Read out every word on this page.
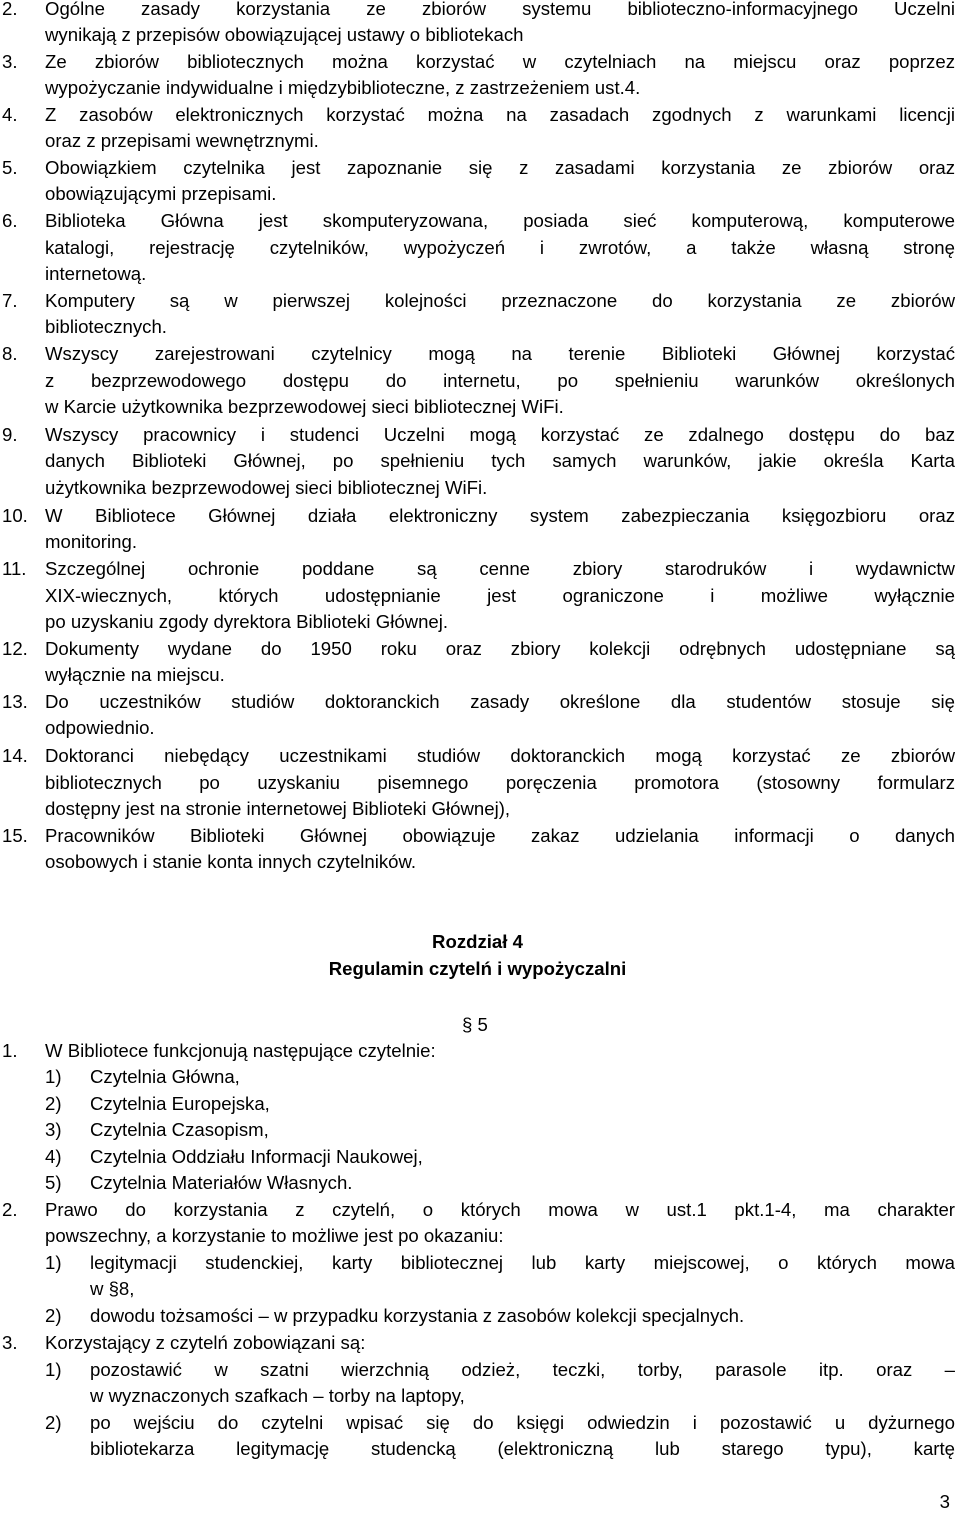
2. Ogólne zasady korzystania ze zbiorów systemu biblioteczno-informacyjnego Uczelni
wynikają z przepisów obowiązującej ustawy o bibliotekach
3. Ze zbiorów bibliotecznych można korzystać w czytelniach na miejscu oraz poprzez
wypożyczanie indywidualne i międzybiblioteczne, z zastrzeżeniem ust.4.
4. Z zasobów elektronicznych korzystać można na zasadach zgodnych z warunkami licencji
oraz z przepisami wewnętrznymi.
5. Obowiązkiem czytelnika jest zapoznanie się z zasadami korzystania ze zbiorów oraz
obowiązującymi przepisami.
6. Biblioteka Główna jest skomputeryzowana, posiada sieć komputerową, komputerowe
katalogi, rejestrację czytelników, wypożyczeń i zwrotów, a także własną stronę
internetową.
7. Komputery są w pierwszej kolejności przeznaczone do korzystania ze zbiorów
bibliotecznych.
8. Wszyscy zarejestrowani czytelnicy mogą na terenie Biblioteki Głównej korzystać
z bezprzewodowego dostępu do internetu, po spełnieniu warunków określonych
w Karcie użytkownika bezprzewodowej sieci bibliotecznej WiFi.
9. Wszyscy pracownicy i studenci Uczelni mogą korzystać ze zdalnego dostępu do baz
danych Biblioteki Głównej, po spełnieniu tych samych warunków, jakie określa Karta
użytkownika bezprzewodowej sieci bibliotecznej WiFi.
10. W Bibliotece Głównej działa elektroniczny system zabezpieczania księgozbioru oraz
monitoring.
11. Szczególnej ochronie poddane są cenne zbiory starodruków i wydawnictw
XIX-wiecznych, których udostępnianie jest ograniczone i możliwe wyłącznie
po uzyskaniu zgody dyrektora Biblioteki Głównej.
12. Dokumenty wydane do 1950 roku oraz zbiory kolekcji odrębnych udostępniane są
wyłącznie na miejscu.
13. Do uczestników studiów doktoranckich zasady określone dla studentów stosuje się
odpowiednio.
14. Doktoranci niebędący uczestnikami studiów doktoranckich mogą korzystać ze zbiorów
bibliotecznych po uzyskaniu pisemnego poręczenia promotora (stosowny formularz
dostępny jest na stronie internetowej Biblioteki Głównej),
15. Pracowników Biblioteki Głównej obowiązuje zakaz udzielania informacji o danych
osobowych i stanie konta innych czytelników.
Rozdział 4
Regulamin czytelń i wypożyczalni
§ 5
1. W Bibliotece funkcjonują następujące czytelnie:
1) Czytelnia Główna,
2) Czytelnia Europejska,
3) Czytelnia Czasopism,
4) Czytelnia Oddziału Informacji Naukowej,
5) Czytelnia Materiałów Własnych.
2. Prawo do korzystania z czytelń, o których mowa w ust.1 pkt.1-4, ma charakter
powszechny, a korzystanie to możliwe jest po okazaniu:
1) legitymacji studenckiej, karty bibliotecznej lub karty miejscowej, o których mowa
w §8,
2) dowodu tożsamości – w przypadku korzystania z zasobów kolekcji specjalnych.
3. Korzystający z czytelń zobowiązani są:
1) pozostawić w szatni wierzchnią odzież, teczki, torby, parasole itp. oraz –
w wyznaczonych szafkach – torby na laptopy,
2) po wejściu do czytelni wpisać się do księgi odwiedzin i pozostawić u dyżurnego
bibliotekarza legitymację studencką (elektroniczną lub starego typu), kartę
3
